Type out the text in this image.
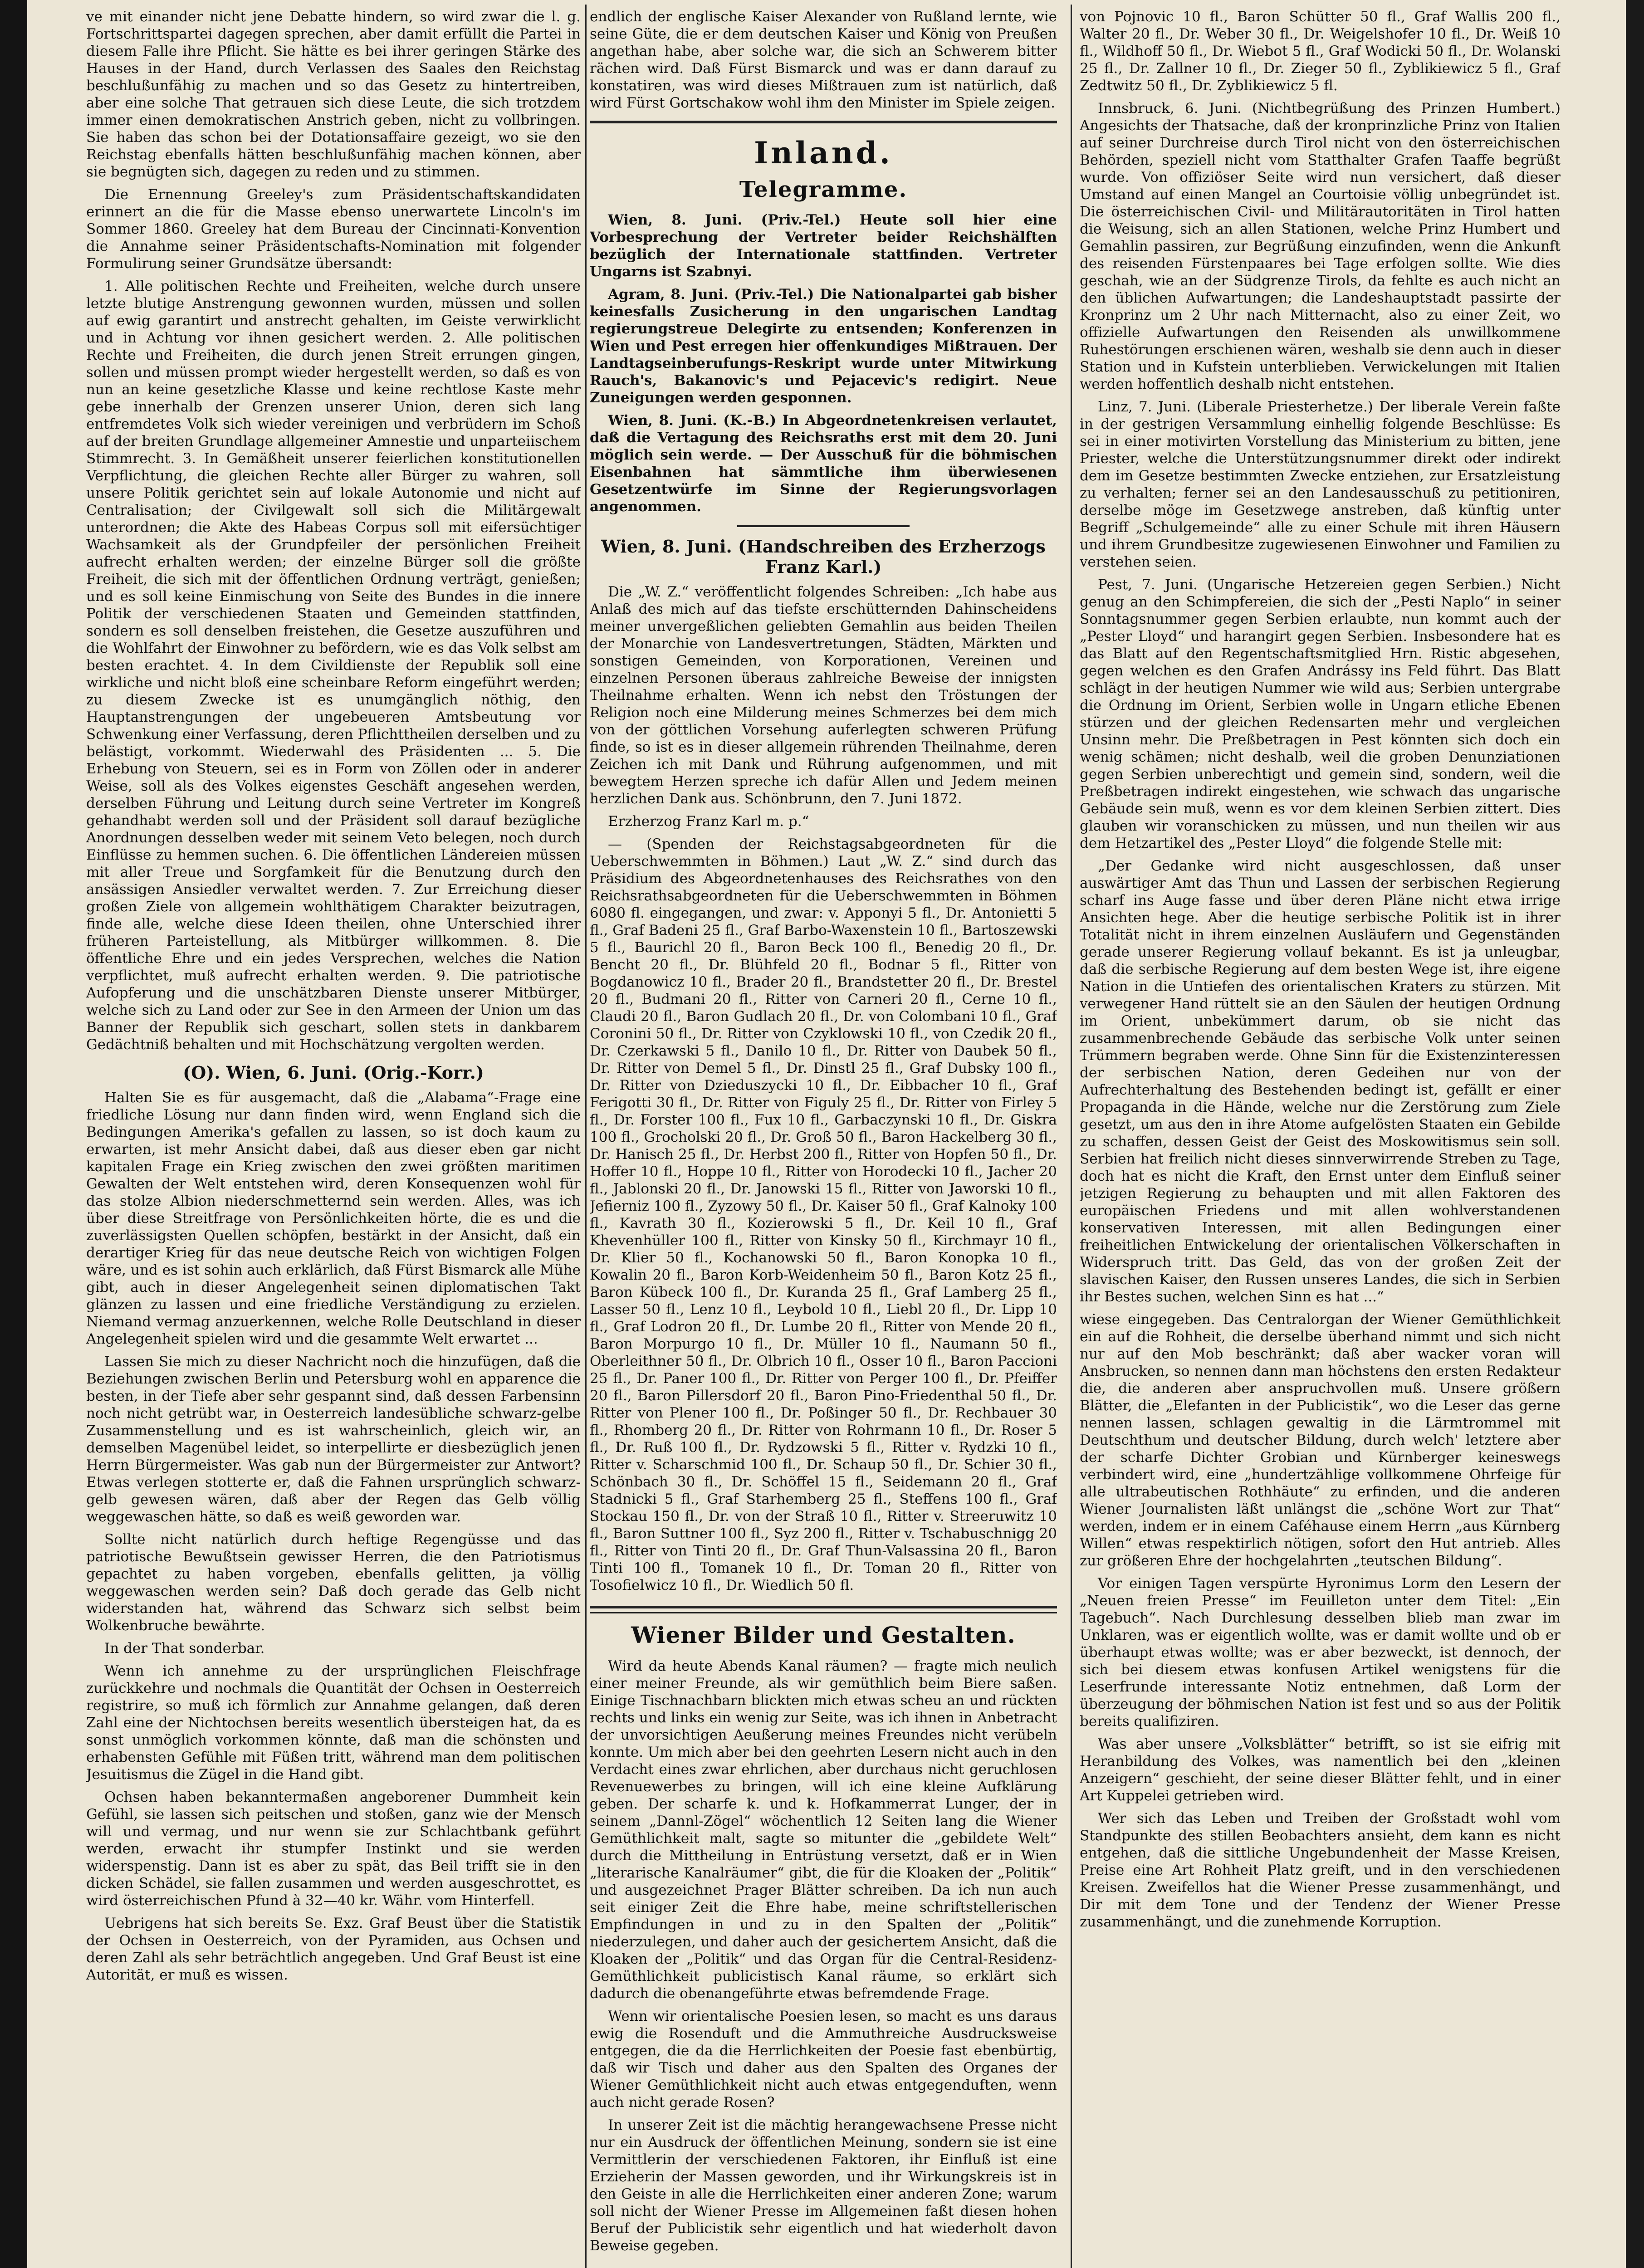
ve mit einander nicht jene Debatte hindern, so wird zwar die l. g. Fortschrittspartei dagegen sprechen, aber damit erfüllt die Partei in diesem Falle ihre Pflicht. Sie hätte es bei ihrer geringen Stärke des Hauses in der Hand, durch Verlassen des Saales den Reichstag beschlußunfähig zu machen und so das Gesetz zu hintertreiben, aber eine solche That getrauen sich diese Leute, die sich trotzdem immer einen demokratischen Anstrich geben, nicht zu vollbringen. Sie haben das schon bei der Dotationsaffaire gezeigt, wo sie den Reichstag ebenfalls hätten beschlußunfähig machen können, aber sie begnügten sich, dagegen zu reden und zu stimmen.

Die Ernennung Greeley's zum Präsidentschaftskandidaten erinnert an die für die Masse ebenso unerwartete Lincoln's im Sommer 1860. Greeley hat dem Bureau der Cincinnati-Konvention die Annahme seiner Präsidentschafts-Nomination mit folgender Formulirung seiner Grundsätze übersandt:

1. Alle politischen Rechte und Freiheiten, welche durch unsere letzte blutige Anstrengung gewonnen wurden, müssen und sollen auf ewig garantirt und anstrecht gehalten, im Geiste verwirklicht und in Achtung vor ihnen gesichert werden. 2. Alle politischen Rechte und Freiheiten, die durch jenen Streit errungen gingen, sollen und müssen prompt wieder hergestellt werden, so daß es von nun an keine gesetzliche Klasse und keine rechtlose Kaste mehr gebe innerhalb der Grenzen unserer Union, deren sich lang entfremdetes Volk sich wieder vereinigen und verbrüdern im Schoß auf der breiten Grundlage allgemeiner Amnestie und unparteiischem Stimmrecht. 3. In Gemäßheit unserer feierlichen konstitutionellen Verpflichtung, die gleichen Rechte aller Bürger zu wahren, soll unsere Politik gerichtet sein auf lokale Autonomie und nicht auf Centralisation; der Civilgewalt soll sich die Militärgewalt unterordnen; die Akte des Habeas Corpus soll mit eifersüchtiger Wachsamkeit als der Grundpfeiler der persönlichen Freiheit aufrecht erhalten werden; der einzelne Bürger soll die größte Freiheit, die sich mit der öffentlichen Ordnung verträgt, genießen; und es soll keine Einmischung von Seite des Bundes in die innere Politik der verschiedenen Staaten und Gemeinden stattfinden, sondern es soll denselben freistehen, die Gesetze auszuführen und die Wohlfahrt der Einwohner zu befördern, wie es das Volk selbst am besten erachtet. 4. In dem Civildienste der Republik soll eine wirkliche und nicht bloß eine scheinbare Reform eingeführt werden; zu diesem Zwecke ist es unumgänglich nöthig, den Hauptanstrengungen der ungebeueren Amtsbeutung vor Schwenkung einer Verfassung, deren Pflichttheilen derselben und zu belästigt, vorkommt. Wiederwahl des Präsidenten ... 5. Die Erhebung von Steuern, sei es in Form von Zöllen oder in anderer Weise, soll als des Volkes eigenstes Geschäft angesehen werden, derselben Führung und Leitung durch seine Vertreter im Kongreß gehandhabt werden soll und der Präsident soll darauf bezügliche Anordnungen desselben weder mit seinem Veto belegen, noch durch Einflüsse zu hemmen suchen. 6. Die öffentlichen Ländereien müssen mit aller Treue und Sorgfamkeit für die Benutzung durch den ansässigen Ansiedler verwaltet werden. 7. Zur Erreichung dieser großen Ziele von allgemein wohlthätigem Charakter beizutragen, finde alle, welche diese Ideen theilen, ohne Unterschied ihrer früheren Parteistellung, als Mitbürger willkommen. 8. Die öffentliche Ehre und ein jedes Versprechen, welches die Nation verpflichtet, muß aufrecht erhalten werden. 9. Die patriotische Aufopferung und die unschätzbaren Dienste unserer Mitbürger, welche sich zu Land oder zur See in den Armeen der Union um das Banner der Republik sich geschart, sollen stets in dankbarem Gedächtniß behalten und mit Hochschätzung vergolten werden.

(O). Wien, 6. Juni. (Orig.-Korr.)

Halten Sie es für ausgemacht, daß die „Alabama“-Frage eine friedliche Lösung nur dann finden wird, wenn England sich die Bedingungen Amerika's gefallen zu lassen, so ist doch kaum zu erwarten, ist mehr Ansicht dabei, daß aus dieser eben gar nicht kapitalen Frage ein Krieg zwischen den zwei größten maritimen Gewalten der Welt entstehen wird, deren Konsequenzen wohl für das stolze Albion niederschmetternd sein werden. Alles, was ich über diese Streitfrage von Persönlichkeiten hörte, die es und die zuverlässigsten Quellen schöpfen, bestärkt in der Ansicht, daß ein derartiger Krieg für das neue deutsche Reich von wichtigen Folgen wäre, und es ist sohin auch erklärlich, daß Fürst Bismarck alle Mühe gibt, auch in dieser Angelegenheit seinen diplomatischen Takt glänzen zu lassen und eine friedliche Verständigung zu erzielen. Niemand vermag anzuerkennen, welche Rolle Deutschland in dieser Angelegenheit spielen wird und die gesammte Welt erwartet ...

Lassen Sie mich zu dieser Nachricht noch die hinzufügen, daß die Beziehungen zwischen Berlin und Petersburg wohl en apparence die besten, in der Tiefe aber sehr gespannt sind, daß dessen Farbensinn noch nicht getrübt war, in Oesterreich landesübliche schwarz-gelbe Zusammenstellung und es ist wahrscheinlich, gleich wir, an demselben Magenübel leidet, so interpellirte er diesbezüglich jenen Herrn Bürgermeister. Was gab nun der Bürgermeister zur Antwort? Etwas verlegen stotterte er, daß die Fahnen ursprünglich schwarz-gelb gewesen wären, daß aber der Regen das Gelb völlig weggewaschen hätte, so daß es weiß geworden war.

Sollte nicht natürlich durch heftige Regengüsse und das patriotische Bewußtsein gewisser Herren, die den Patriotismus gepachtet zu haben vorgeben, ebenfalls gelitten, ja völlig weggewaschen werden sein? Daß doch gerade das Gelb nicht widerstanden hat, während das Schwarz sich selbst beim Wolkenbruche bewährte.

In der That sonderbar.

Wenn ich annehme zu der ursprünglichen Fleischfrage zurückkehre und nochmals die Quantität der Ochsen in Oesterreich registrire, so muß ich förmlich zur Annahme gelangen, daß deren Zahl eine der Nichtochsen bereits wesentlich übersteigen hat, da es sonst unmöglich vorkommen könnte, daß man die schönsten und erhabensten Gefühle mit Füßen tritt, während man dem politischen Jesuitismus die Zügel in die Hand gibt.

Ochsen haben bekanntermaßen angeborener Dummheit kein Gefühl, sie lassen sich peitschen und stoßen, ganz wie der Mensch will und vermag, und nur wenn sie zur Schlachtbank geführt werden, erwacht ihr stumpfer Instinkt und sie werden widerspenstig. Dann ist es aber zu spät, das Beil trifft sie in den dicken Schädel, sie fallen zusammen und werden ausgeschrottet, es wird österreichischen Pfund à 32—40 kr. Währ. vom Hinterfell.

Uebrigens hat sich bereits Se. Exz. Graf Beust über die Statistik der Ochsen in Oesterreich, von der Pyramiden, aus Ochsen und deren Zahl als sehr beträchtlich angegeben. Und Graf Beust ist eine Autorität, er muß es wissen.

endlich der englische Kaiser Alexander von Rußland lernte, wie seine Güte, die er dem deutschen Kaiser und König von Preußen angethan habe, aber solche war, die sich an Schwerem bitter rächen wird. Daß Fürst Bismarck und was er dann darauf zu konstatiren, was wird dieses Mißtrauen zum ist natürlich, daß wird Fürst Gortschakow wohl ihm den Minister im Spiele zeigen.

Inland.
Telegramme.

Wien, 8. Juni. (Priv.-Tel.) Heute soll hier eine Vorbesprechung der Vertreter beider Reichshälften bezüglich der Internationale stattfinden. Vertreter Ungarns ist Szabnyi.

Agram, 8. Juni. (Priv.-Tel.) Die Nationalpartei gab bisher keinesfalls Zusicherung in den ungarischen Landtag regierungstreue Delegirte zu entsenden; Konferenzen in Wien und Pest erregen hier offenkundiges Mißtrauen. Der Landtagseinberufungs-Reskript wurde unter Mitwirkung Rauch's, Bakanovic's und Pejacevic's redigirt. Neue Zuneigungen werden gesponnen.

Wien, 8. Juni. (K.-B.) In Abgeordnetenkreisen verlautet, daß die Vertagung des Reichsraths erst mit dem 20. Juni möglich sein werde. — Der Ausschuß für die böhmischen Eisenbahnen hat sämmtliche ihm überwiesenen Gesetzentwürfe im Sinne der Regierungsvorlagen angenommen.

Wien, 8. Juni. (Handschreiben des Erzherzogs Franz Karl.)

Die „W. Z.“ veröffentlicht folgendes Schreiben: „Ich habe aus Anlaß des mich auf das tiefste erschütternden Dahinscheidens meiner unvergeßlichen geliebten Gemahlin aus beiden Theilen der Monarchie von Landesvertretungen, Städten, Märkten und sonstigen Gemeinden, von Korporationen, Vereinen und einzelnen Personen überaus zahlreiche Beweise der innigsten Theilnahme erhalten. Wenn ich nebst den Tröstungen der Religion noch eine Milderung meines Schmerzes bei dem mich von der göttlichen Vorsehung auferlegten schweren Prüfung finde, so ist es in dieser allgemein rührenden Theilnahme, deren Zeichen ich mit Dank und Rührung aufgenommen, und mit bewegtem Herzen spreche ich dafür Allen und Jedem meinen herzlichen Dank aus. Schönbrunn, den 7. Juni 1872.

Erzherzog Franz Karl m. p.“

— (Spenden der Reichstagsabgeordneten für die Ueberschwemmten in Böhmen.) Laut „W. Z.“ sind durch das Präsidium des Abgeordnetenhauses des Reichsrathes von den Reichsrathsabgeordneten für die Ueberschwemmten in Böhmen 6080 fl. eingegangen, und zwar: v. Apponyi 5 fl., Dr. Antonietti 5 fl., Graf Badeni 25 fl., Graf Barbo-Waxenstein 10 fl., Bartoszewski 5 fl., Baurichl 20 fl., Baron Beck 100 fl., Benedig 20 fl., Dr. Bencht 20 fl., Dr. Blühfeld 20 fl., Bodnar 5 fl., Ritter von Bogdanowicz 10 fl., Brader 20 fl., Brandstetter 20 fl., Dr. Brestel 20 fl., Budmani 20 fl., Ritter von Carneri 20 fl., Cerne 10 fl., Claudi 20 fl., Baron Gudlach 20 fl., Dr. von Colombani 10 fl., Graf Coronini 50 fl., Dr. Ritter von Czyklowski 10 fl., von Czedik 20 fl., Dr. Czerkawski 5 fl., Danilo 10 fl., Dr. Ritter von Daubek 50 fl., Dr. Ritter von Demel 5 fl., Dr. Dinstl 25 fl., Graf Dubsky 100 fl., Dr. Ritter von Dzieduszycki 10 fl., Dr. Eibbacher 10 fl., Graf Ferigotti 30 fl., Dr. Ritter von Figuly 25 fl., Dr. Ritter von Firley 5 fl., Dr. Forster 100 fl., Fux 10 fl., Garbaczynski 10 fl., Dr. Giskra 100 fl., Grocholski 20 fl., Dr. Groß 50 fl., Baron Hackelberg 30 fl., Dr. Hanisch 25 fl., Dr. Herbst 200 fl., Ritter von Hopfen 50 fl., Dr. Hoffer 10 fl., Hoppe 10 fl., Ritter von Horodecki 10 fl., Jacher 20 fl., Jablonski 20 fl., Dr. Janowski 15 fl., Ritter von Jaworski 10 fl., Jefierniz 100 fl., Zyzowy 50 fl., Dr. Kaiser 50 fl., Graf Kalnoky 100 fl., Kavrath 30 fl., Kozierowski 5 fl., Dr. Keil 10 fl., Graf Khevenhüller 100 fl., Ritter von Kinsky 50 fl., Kirchmayr 10 fl., Dr. Klier 50 fl., Kochanowski 50 fl., Baron Konopka 10 fl., Kowalin 20 fl., Baron Korb-Weidenheim 50 fl., Baron Kotz 25 fl., Baron Kübeck 100 fl., Dr. Kuranda 25 fl., Graf Lamberg 25 fl., Lasser 50 fl., Lenz 10 fl., Leybold 10 fl., Liebl 20 fl., Dr. Lipp 10 fl., Graf Lodron 20 fl., Dr. Lumbe 20 fl., Ritter von Mende 20 fl., Baron Morpurgo 10 fl., Dr. Müller 10 fl., Naumann 50 fl., Oberleithner 50 fl., Dr. Olbrich 10 fl., Osser 10 fl., Baron Paccioni 25 fl., Dr. Paner 100 fl., Dr. Ritter von Perger 100 fl., Dr. Pfeiffer 20 fl., Baron Pillersdorf 20 fl., Baron Pino-Friedenthal 50 fl., Dr. Ritter von Plener 100 fl., Dr. Poßinger 50 fl., Dr. Rechbauer 30 fl., Rhomberg 20 fl., Dr. Ritter von Rohrmann 10 fl., Dr. Roser 5 fl., Dr. Ruß 100 fl., Dr. Rydzowski 5 fl., Ritter v. Rydzki 10 fl., Ritter v. Scharschmid 100 fl., Dr. Schaup 50 fl., Dr. Schier 30 fl., Schönbach 30 fl., Dr. Schöffel 15 fl., Seidemann 20 fl., Graf Stadnicki 5 fl., Graf Starhemberg 25 fl., Steffens 100 fl., Graf Stockau 150 fl., Dr. von der Straß 10 fl., Ritter v. Streeruwitz 10 fl., Baron Suttner 100 fl., Syz 200 fl., Ritter v. Tschabuschnigg 20 fl., Ritter von Tinti 20 fl., Dr. Graf Thun-Valsassina 20 fl., Baron Tinti 100 fl., Tomanek 10 fl., Dr. Toman 20 fl., Ritter von Tosofielwicz 10 fl., Dr. Wiedlich 50 fl.

Wiener Bilder und Gestalten.

Wird da heute Abends Kanal räumen? — fragte mich neulich einer meiner Freunde, als wir gemüthlich beim Biere saßen. Einige Tischnachbarn blickten mich etwas scheu an und rückten rechts und links ein wenig zur Seite, was ich ihnen in Anbetracht der unvorsichtigen Aeußerung meines Freundes nicht verübeln konnte. Um mich aber bei den geehrten Lesern nicht auch in den Verdacht eines zwar ehrlichen, aber durchaus nicht geruchlosen Revenuewerbes zu bringen, will ich eine kleine Aufklärung geben. Der scharfe k. und k. Hofkammerrat Lunger, der in seinem „Dannl-Zögel“ wöchentlich 12 Seiten lang die Wiener Gemüthlichkeit malt, sagte so mitunter die „gebildete Welt“ durch die Mittheilung in Entrüstung versetzt, daß er in Wien „literarische Kanalräumer“ gibt, die für die Kloaken der „Politik“ und ausgezeichnet Prager Blätter schreiben. Da ich nun auch seit einiger Zeit die Ehre habe, meine schriftstellerischen Empfindungen in und zu in den Spalten der „Politik“ niederzulegen, und daher auch der gesichertem Ansicht, daß die Kloaken der „Politik“ und das Organ für die Central-Residenz-Gemüthlichkeit publicistisch Kanal räume, so erklärt sich dadurch die obenangeführte etwas befremdende Frage.

Wenn wir orientalische Poesien lesen, so macht es uns daraus ewig die Rosenduft und die Ammuthreiche Ausdrucksweise entgegen, die da die Herrlichkeiten der Poesie fast ebenbürtig, daß wir Tisch und daher aus den Spalten des Organes der Wiener Gemüthlichkeit nicht auch etwas entgegenduften, wenn auch nicht gerade Rosen?

In unserer Zeit ist die mächtig herangewachsene Presse nicht nur ein Ausdruck der öffentlichen Meinung, sondern sie ist eine Vermittlerin der verschiedenen Faktoren, ihr Einfluß ist eine Erzieherin der Massen geworden, und ihr Wirkungskreis ist in den Geiste in alle die Herrlichkeiten einer anderen Zone; warum soll nicht der Wiener Presse im Allgemeinen faßt diesen hohen Beruf der Publicistik sehr eigentlich und hat wiederholt davon Beweise gegeben.

von Pojnovic 10 fl., Baron Schütter 50 fl., Graf Wallis 200 fl., Walter 20 fl., Dr. Weber 30 fl., Dr. Weigelshofer 10 fl., Dr. Weiß 10 fl., Wildhoff 50 fl., Dr. Wiebot 5 fl., Graf Wodicki 50 fl., Dr. Wolanski 25 fl., Dr. Zallner 10 fl., Dr. Zieger 50 fl., Zyblikiewicz 5 fl., Graf Zedtwitz 50 fl., Dr. Zyblikiewicz 5 fl.

Innsbruck, 6. Juni. (Nichtbegrüßung des Prinzen Humbert.) Angesichts der Thatsache, daß der kronprinzliche Prinz von Italien auf seiner Durchreise durch Tirol nicht von den österreichischen Behörden, speziell nicht vom Statthalter Grafen Taaffe begrüßt wurde. Von offiziöser Seite wird nun versichert, daß dieser Umstand auf einen Mangel an Courtoisie völlig unbegründet ist. Die österreichischen Civil- und Militärautoritäten in Tirol hatten die Weisung, sich an allen Stationen, welche Prinz Humbert und Gemahlin passiren, zur Begrüßung einzufinden, wenn die Ankunft des reisenden Fürstenpaares bei Tage erfolgen sollte. Wie dies geschah, wie an der Südgrenze Tirols, da fehlte es auch nicht an den üblichen Aufwartungen; die Landeshauptstadt passirte der Kronprinz um 2 Uhr nach Mitternacht, also zu einer Zeit, wo offizielle Aufwartungen den Reisenden als unwillkommene Ruhestörungen erschienen wären, weshalb sie denn auch in dieser Station und in Kufstein unterblieben. Verwickelungen mit Italien werden hoffentlich deshalb nicht entstehen.

Linz, 7. Juni. (Liberale Priesterhetze.) Der liberale Verein faßte in der gestrigen Versammlung einhellig folgende Beschlüsse: Es sei in einer motivirten Vorstellung das Ministerium zu bitten, jene Priester, welche die Unterstützungsnummer direkt oder indirekt dem im Gesetze bestimmten Zwecke entziehen, zur Ersatzleistung zu verhalten; ferner sei an den Landesausschuß zu petitioniren, derselbe möge im Gesetzwege anstreben, daß künftig unter Begriff „Schulgemeinde“ alle zu einer Schule mit ihren Häusern und ihrem Grundbesitze zugewiesenen Einwohner und Familien zu verstehen seien.

Pest, 7. Juni. (Ungarische Hetzereien gegen Serbien.) Nicht genug an den Schimpfereien, die sich der „Pesti Naplo“ in seiner Sonntagsnummer gegen Serbien erlaubte, nun kommt auch der „Pester Lloyd“ und harangirt gegen Serbien. Insbesondere hat es das Blatt auf den Regentschaftsmitglied Hrn. Ristic abgesehen, gegen welchen es den Grafen Andrássy ins Feld führt. Das Blatt schlägt in der heutigen Nummer wie wild aus; Serbien untergrabe die Ordnung im Orient, Serbien wolle in Ungarn etliche Ebenen stürzen und der gleichen Redensarten mehr und vergleichen Unsinn mehr. Die Preßbetragen in Pest könnten sich doch ein wenig schämen; nicht deshalb, weil die groben Denunziationen gegen Serbien unberechtigt und gemein sind, sondern, weil die Preßbetragen indirekt eingestehen, wie schwach das ungarische Gebäude sein muß, wenn es vor dem kleinen Serbien zittert. Dies glauben wir voranschicken zu müssen, und nun theilen wir aus dem Hetzartikel des „Pester Lloyd“ die folgende Stelle mit:

„Der Gedanke wird nicht ausgeschlossen, daß unser auswärtiger Amt das Thun und Lassen der serbischen Regierung scharf ins Auge fasse und über deren Pläne nicht etwa irrige Ansichten hege. Aber die heutige serbische Politik ist in ihrer Totalität nicht in ihrem einzelnen Ausläufern und Gegenständen gerade unserer Regierung vollauf bekannt. Es ist ja unleugbar, daß die serbische Regierung auf dem besten Wege ist, ihre eigene Nation in die Untiefen des orientalischen Kraters zu stürzen. Mit verwegener Hand rüttelt sie an den Säulen der heutigen Ordnung im Orient, unbekümmert darum, ob sie nicht das zusammenbrechende Gebäude das serbische Volk unter seinen Trümmern begraben werde. Ohne Sinn für die Existenzinteressen der serbischen Nation, deren Gedeihen nur von der Aufrechterhaltung des Bestehenden bedingt ist, gefällt er einer Propaganda in die Hände, welche nur die Zerstörung zum Ziele gesetzt, um aus den in ihre Atome aufgelösten Staaten ein Gebilde zu schaffen, dessen Geist der Geist des Moskowitismus sein soll. Serbien hat freilich nicht dieses sinnverwirrende Streben zu Tage, doch hat es nicht die Kraft, den Ernst unter dem Einfluß seiner jetzigen Regierung zu behaupten und mit allen Faktoren des europäischen Friedens und mit allen wohlverstandenen konservativen Interessen, mit allen Bedingungen einer freiheitlichen Entwickelung der orientalischen Völkerschaften in Widerspruch tritt. Das Geld, das von der großen Zeit der slavischen Kaiser, den Russen unseres Landes, die sich in Serbien ihr Bestes suchen, welchen Sinn es hat ...“

wiese eingegeben. Das Centralorgan der Wiener Gemüthlichkeit ein auf die Rohheit, die derselbe überhand nimmt und sich nicht nur auf den Mob beschränkt; daß aber wacker voran will Ansbrucken, so nennen dann man höchstens den ersten Redakteur die, die anderen aber anspruchvollen muß. Unsere größern Blätter, die „Elefanten in der Publicistik“, wo die Leser das gerne nennen lassen, schlagen gewaltig in die Lärmtrommel mit Deutschthum und deutscher Bildung, durch welch' letztere aber der scharfe Dichter Grobian und Kürnberger keineswegs verbindert wird, eine „hundertzählige vollkommene Ohrfeige für alle ultrabeutischen Rothhäute“ zu erfinden, und die anderen Wiener Journalisten läßt unlängst die „schöne Wort zur That“ werden, indem er in einem Caféhause einem Herrn „aus Kürnberg Willen“ etwas respektirlich nötigen, sofort den Hut antrieb. Alles zur größeren Ehre der hochgelahrten „teutschen Bildung“.

Vor einigen Tagen verspürte Hyronimus Lorm den Lesern der „Neuen freien Presse“ im Feuilleton unter dem Titel: „Ein Tagebuch“. Nach Durchlesung desselben blieb man zwar im Unklaren, was er eigentlich wollte, was er damit wollte und ob er überhaupt etwas wollte; was er aber bezweckt, ist dennoch, der sich bei diesem etwas konfusen Artikel wenigstens für die Leserfrunde interessante Notiz entnehmen, daß Lorm der überzeugung der böhmischen Nation ist fest und so aus der Politik bereits qualifiziren.

Was aber unsere „Volksblätter“ betrifft, so ist sie eifrig mit Heranbildung des Volkes, was namentlich bei den „kleinen Anzeigern“ geschieht, der seine dieser Blätter fehlt, und in einer Art Kuppelei getrieben wird.

Wer sich das Leben und Treiben der Großstadt wohl vom Standpunkte des stillen Beobachters ansieht, dem kann es nicht entgehen, daß die sittliche Ungebundenheit der Masse Kreisen, Preise eine Art Rohheit Platz greift, und in den verschiedenen Kreisen. Zweifellos hat die Wiener Presse zusammenhängt, und Dir mit dem Tone und der Tendenz der Wiener Presse zusammenhängt, und die zunehmende Korruption.
